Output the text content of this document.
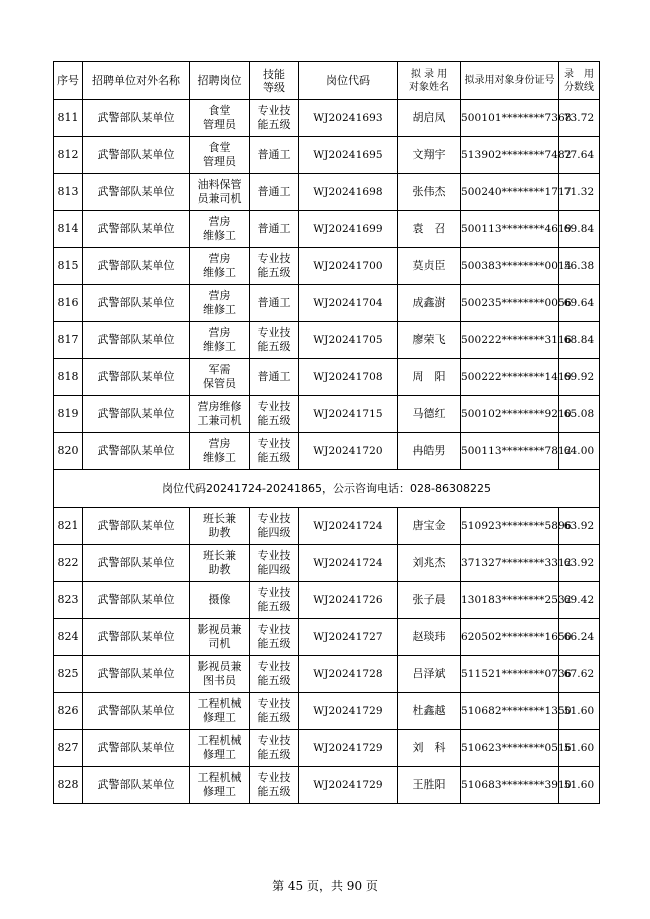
序号	招聘单位对外名称	招聘岗位	技能
等级	岗位代码	拟 录 用
对象姓名	拟录用对象身份证号	录　用
分数线
811	武警部队某单位	食堂
管理员	专业技
能五级	WJ20241693	胡启凤	500101********7368	73.72
812	武警部队某单位	食堂
管理员	普通工	WJ20241695	文翔宇	513902********7482	77.64
813	武警部队某单位	油料保管
员兼司机	普通工	WJ20241698	张伟杰	500240********1717	71.32
814	武警部队某单位	营房
维修工	普通工	WJ20241699	袁　召	500113********4619	69.84
815	武警部队某单位	营房
维修工	专业技
能五级	WJ20241700	莫贞臣	500383********0014	56.38
816	武警部队某单位	营房
维修工	普通工	WJ20241704	成鑫澍	500235********0056	69.64
817	武警部队某单位	营房
维修工	专业技
能五级	WJ20241705	廖荣飞	500222********3116	68.84
818	武警部队某单位	军需
保管员	普通工	WJ20241708	周　阳	500222********1419	69.92
819	武警部队某单位	营房维修
工兼司机	专业技
能五级	WJ20241715	马德红	500102********9210	65.08
820	武警部队某单位	营房
维修工	专业技
能五级	WJ20241720	冉皓男	500113********7812	64.00
岗位代码20241724-20241865，公示咨询电话：028-86308225							
821	武警部队某单位	班长兼
助教	专业技
能四级	WJ20241724	唐宝金	510923********5896	63.92
822	武警部队某单位	班长兼
助教	专业技
能四级	WJ20241724	刘兆杰	371327********3312	63.92
823	武警部队某单位	摄像	专业技
能五级	WJ20241726	张子晨	130183********2532	69.42
824	武警部队某单位	影视员兼
司机	专业技
能五级	WJ20241727	赵琰玮	620502********1650	66.24
825	武警部队某单位	影视员兼
图书员	专业技
能五级	WJ20241728	吕泽斌	511521********0736	67.62
826	武警部队某单位	工程机械
修理工	专业技
能五级	WJ20241729	杜鑫越	510682********1350	51.60
827	武警部队某单位	工程机械
修理工	专业技
能五级	WJ20241729	刘　科	510623********0516	51.60
828	武警部队某单位	工程机械
修理工	专业技
能五级	WJ20241729	王胜阳	510683********3910	51.60
第 45 页，共 90 页
